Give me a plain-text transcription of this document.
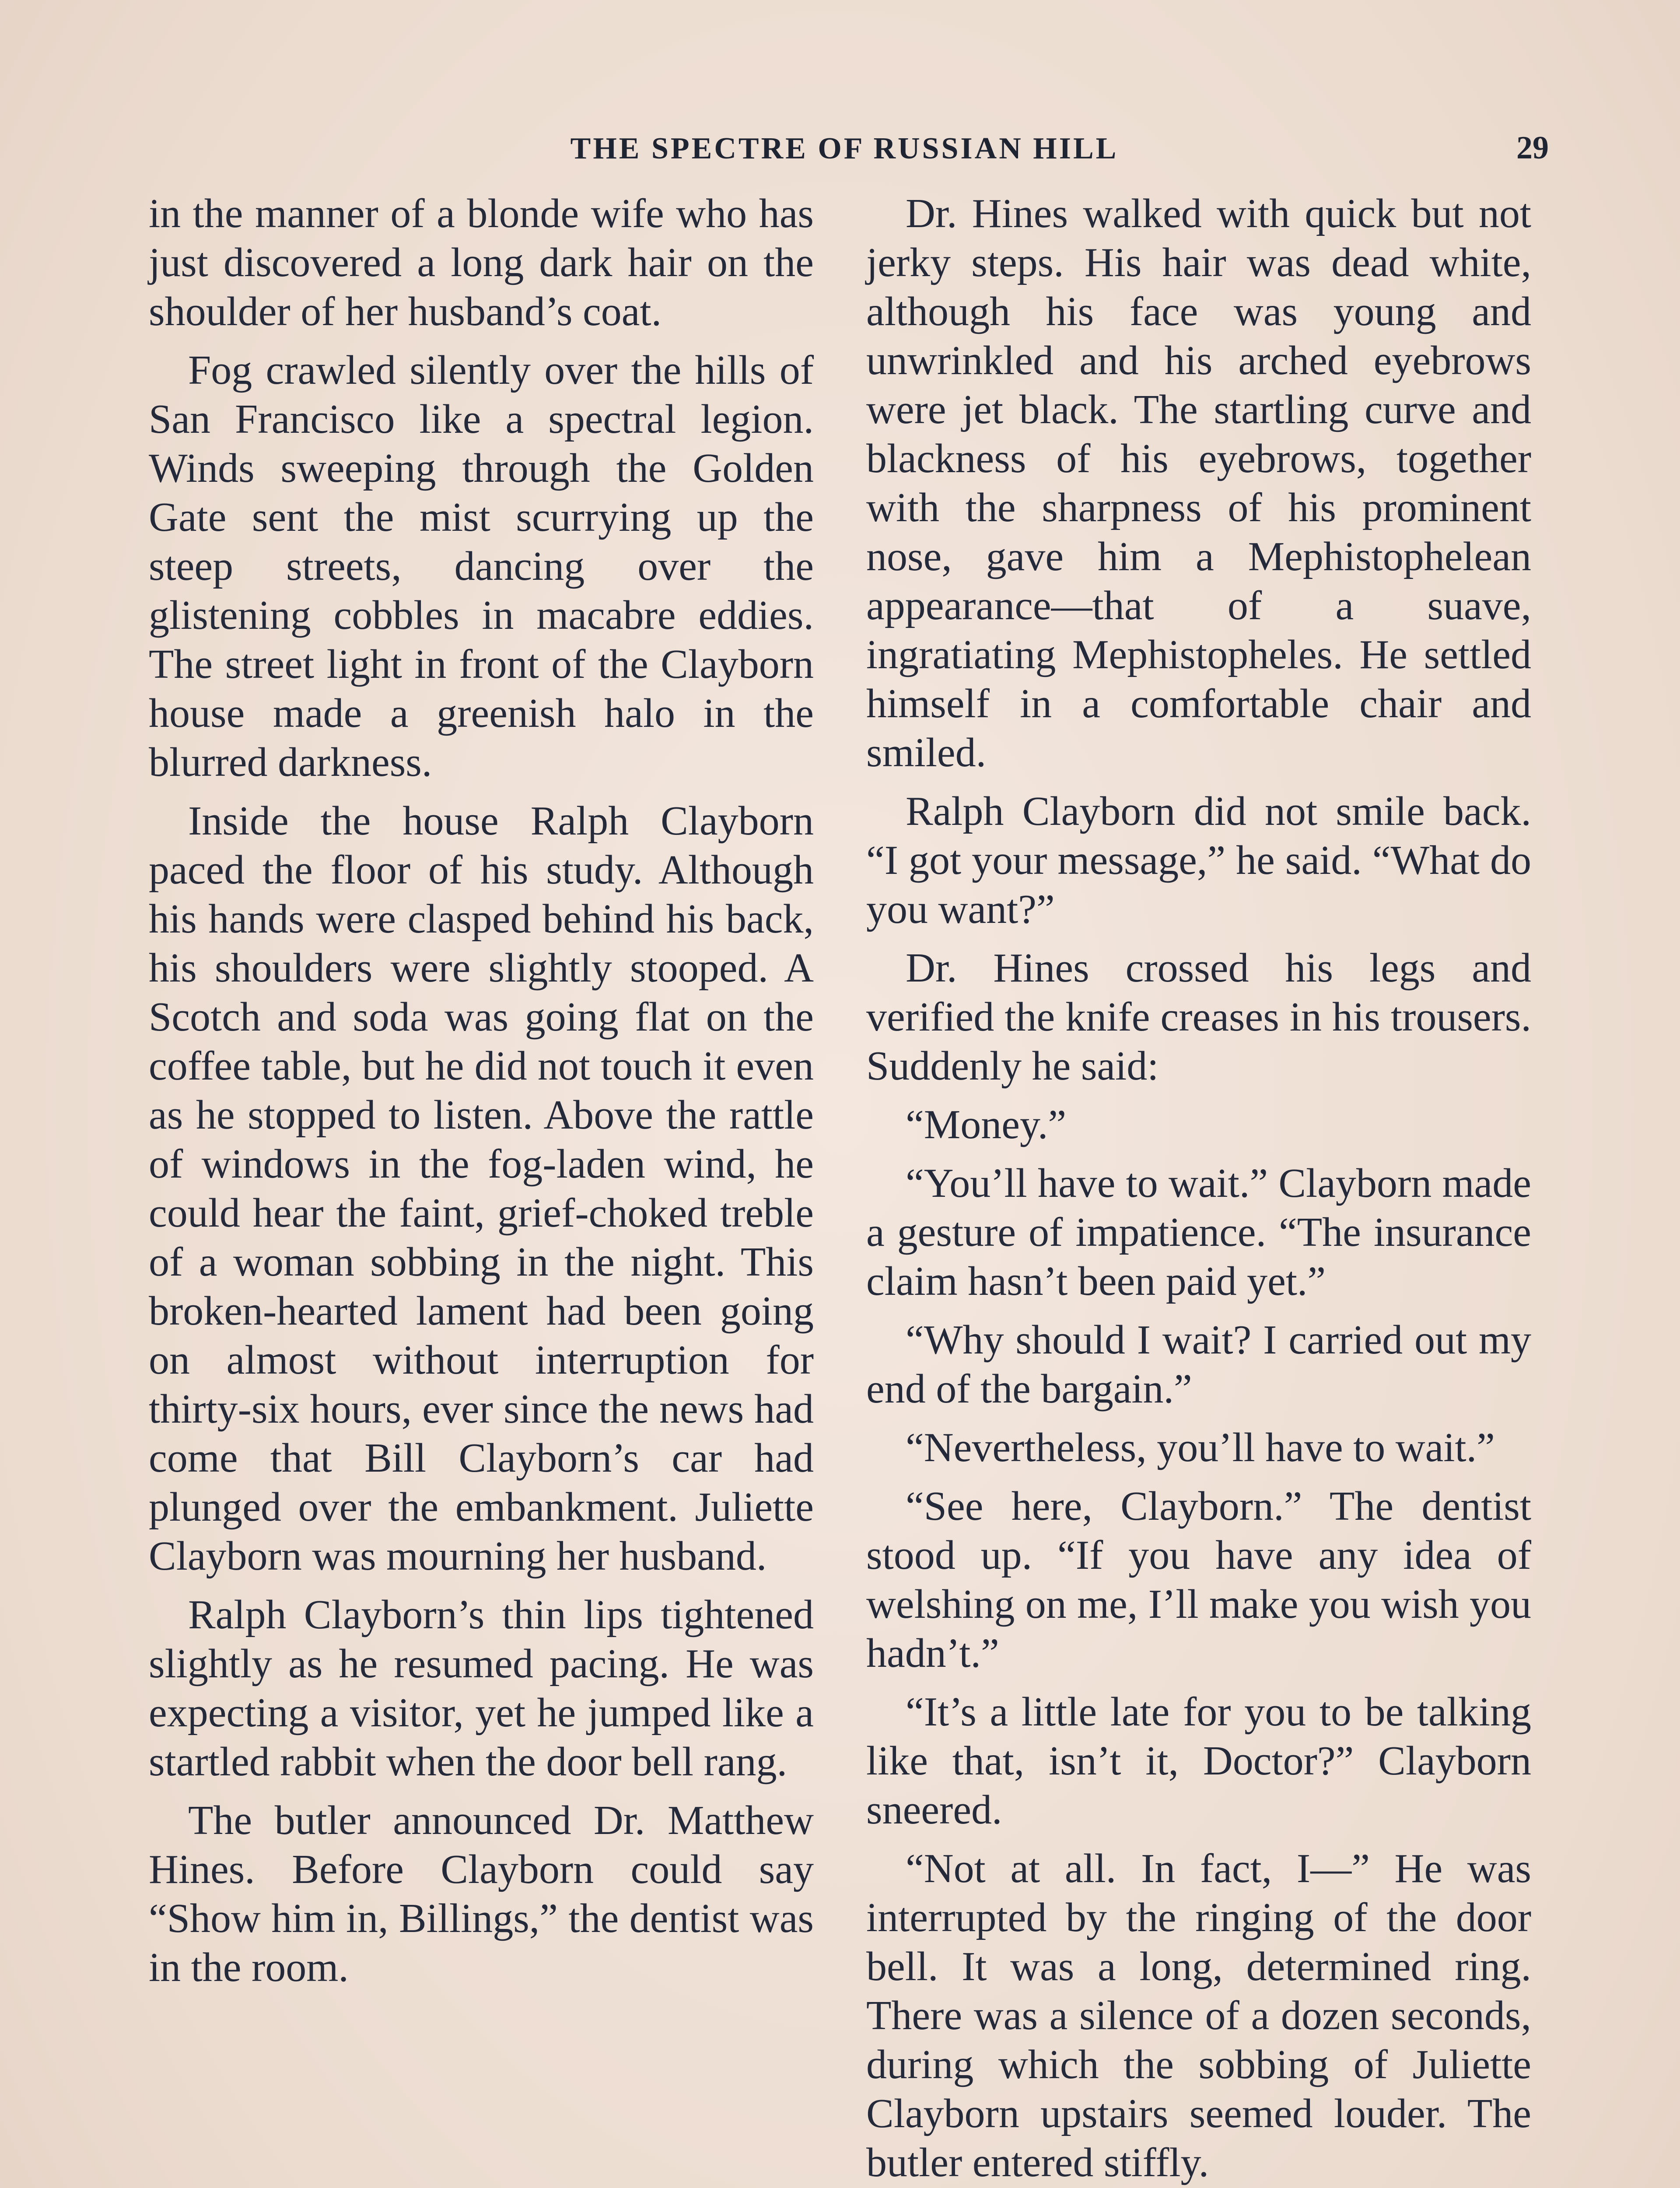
THE SPECTRE OF RUSSIAN HILL	29

in the manner of a blonde wife who has just discovered a long dark hair on the shoulder of her husband’s coat.

Fog crawled silently over the hills of San Francisco like a spectral legion. Winds sweeping through the Golden Gate sent the mist scurrying up the steep streets, dancing over the glistening cobbles in macabre eddies. The street light in front of the Clayborn house made a greenish halo in the blurred darkness.

Inside the house Ralph Clayborn paced the floor of his study. Although his hands were clasped behind his back, his shoulders were slightly stooped. A Scotch and soda was going flat on the coffee table, but he did not touch it even as he stopped to listen. Above the rattle of windows in the fog-laden wind, he could hear the faint, grief-choked treble of a woman sobbing in the night. This broken-hearted lament had been going on almost without interruption for thirty-six hours, ever since the news had come that Bill Clayborn’s car had plunged over the embankment. Juliette Clayborn was mourning her husband.

Ralph Clayborn’s thin lips tightened slightly as he resumed pacing. He was expecting a visitor, yet he jumped like a startled rabbit when the door bell rang.

The butler announced Dr. Matthew Hines. Before Clayborn could say “Show him in, Billings,” the dentist was in the room.

Dr. Hines walked with quick but not jerky steps. His hair was dead white, although his face was young and unwrinkled and his arched eyebrows were jet black. The startling curve and blackness of his eyebrows, together with the sharpness of his prominent nose, gave him a Mephistophelean appearance—that of a suave, ingratiating Mephistopheles. He settled himself in a comfortable chair and smiled.

Ralph Clayborn did not smile back. “I got your message,” he said. “What do you want?”

Dr. Hines crossed his legs and verified the knife creases in his trousers. Suddenly he said:

“Money.”

“You’ll have to wait.” Clayborn made a gesture of impatience. “The insurance claim hasn’t been paid yet.”

“Why should I wait? I carried out my end of the bargain.”

“Nevertheless, you’ll have to wait.”

“See here, Clayborn.” The dentist stood up. “If you have any idea of welshing on me, I’ll make you wish you hadn’t.”

“It’s a little late for you to be talking like that, isn’t it, Doctor?” Clayborn sneered.

“Not at all. In fact, I—” He was interrupted by the ringing of the door bell. It was a long, determined ring. There was a silence of a dozen seconds, during which the sobbing of Juliette Clayborn upstairs seemed louder. The butler entered stiffly.
